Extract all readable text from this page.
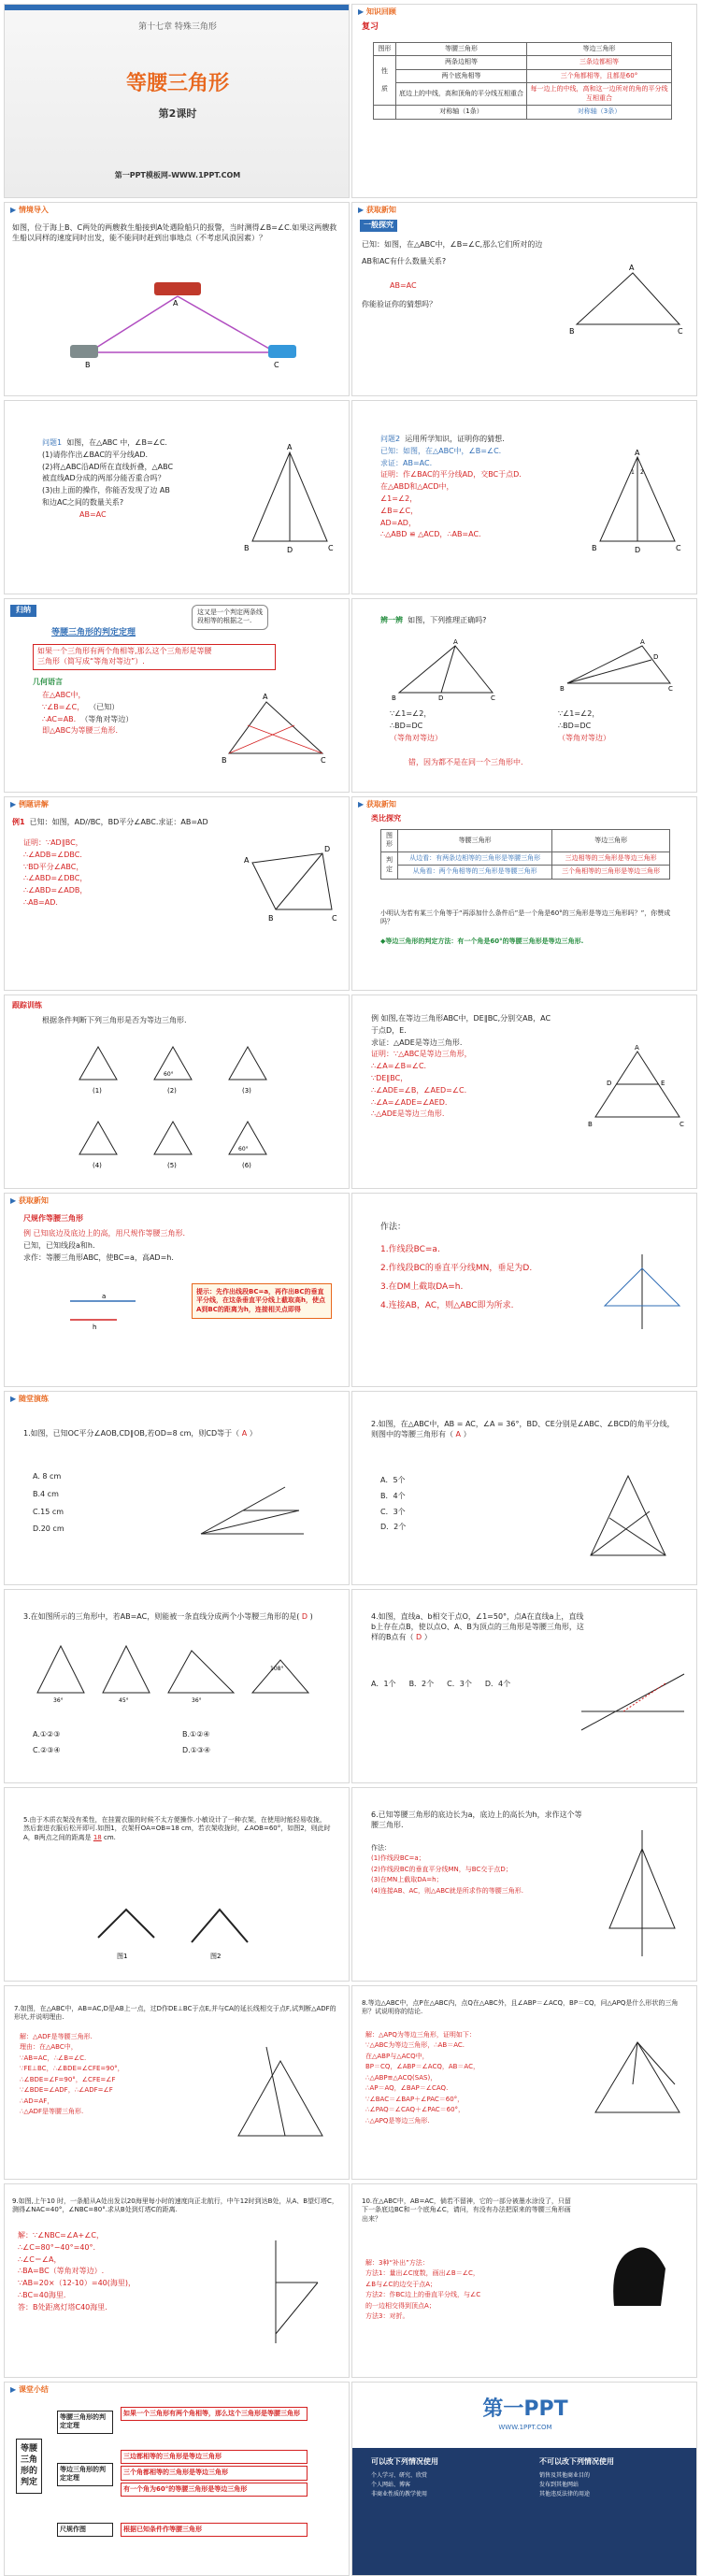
第十七章 特殊三角形
等腰三角形
第2课时
第一PPT模板网-WWW.1PPT.COM
▶ 知识回顾
复习
图形	等腰三角形	等边三角形
性

质	两条边相等	三条边都相等
	两个底角相等	三个角都相等，且都是60°
	底边上的中线，高和顶角的平分线互相重合	每一边上的中线，高和这一边所对的角的平分线互相重合
	对称轴（1条）	对称轴（3条）
▶ 情境导入
如图，位于海上B、C两处的两艘救生船接到A处遇险船只的报警，当时测得∠B=∠C.如果这两艘救生船以同样的速度同时出发，能不能同时赶到出事地点（不考虑风浪因素）？
A
B	C
▶ 获取新知
一般探究
已知：如图，在△ABC中，∠B=∠C,那么它们所对的边
AB和AC有什么数量关系?
AB=AC
你能验证你的猜想吗？
A
B	C

问题1 如图，在△ABC 中，∠B=∠C.

(1)请你作出∠BAC的平分线AD.

(2)将△ABC沿AD所在直线折叠，△ABC

被直线AD分成的两部分能否重合吗？

(3)由上面的操作，你能否发现了边 AB

和边AC之间的数量关系?

AB=AC

A
B	D	C

问题2 运用所学知识，证明你的猜想.

已知：如图，在△ABC中，∠B=∠C.

求证：AB=AC.

证明：作∠BAC的平分线AD，交BC于点D.

在△ABD和△ACD中，

∠1=∠2，

∠B=∠C，

AD=AD，

∴△ABD ≌ △ACD，∴AB=AC.

A
1 2
B	D	C
归纳	这又是一个判定两条线
段相等的根据之一.
等腰三角形的判定定理
如果一个三角形有两个角相等,那么这个三角形是等腰
三角形（简写成“等角对等边”）.
几何语言

在△ABC中，

∵∠B=∠C， （已知）

∴AC=AB. （等角对等边）

即△ABC为等腰三角形.

A
B	C
辨一辨 如图，下列推理正确吗?
A
B	D	C
A
B
D
C

∵∠1=∠2，

∴BD=DC

（等角对等边）

∵∠1=∠2，

∴BD=DC

（等角对等边）

错，因为都不是在同一个三角形中.
▶ 例题讲解
例1 已知：如图，AD//BC，BD平分∠ABC.求证：AB=AD

证明：∵AD∥BC，

∴∠ADB=∠DBC.

∵BD平分∠ABC，

∴∠ABD=∠DBC，

∴∠ABD=∠ADB，

∴AB=AD.

A
D
B	C
▶ 获取新知
类比探究
图形	等腰三角形	等边三角形
判
定	从边看：有两条边相等的三角形是等腰三角形	三边相等的三角形是等边三角形
	从角看：两个角相等的三角形是等腰三角形	三个角相等的三角形是等边三角形
小明认为若有某三个角等于“再添加什么条件后”是一个角是60°的三角形是等边三角形吗？”，你赞成吗？
◆等边三角形的判定方法：有一个角是60°的等腰三角形是等边三角形.
跟踪训练
根据条件判断下列三角形是否为等边三角形.
(1)	(2)	(3)
(4)	(5)	(6)
60°
60°

例 如图,在等边三角形ABC中，DE∥BC,分别交AB，AC

于点D，E.

求证：△ADE是等边三角形.

证明：∵△ABC是等边三角形，

∴∠A=∠B=∠C.

∵DE∥BC，

∴∠ADE=∠B，∠AED=∠C.

∴∠A=∠ADE=∠AED.

∴△ADE是等边三角形.

A
D	E
B	C
▶ 获取新知
尺规作等腰三角形

例 已知底边及底边上的高，用尺规作等腰三角形.

已知，已知线段a和h.

求作：等腰三角形ABC，使BC=a，高AD=h.

a
h
提示：先作出线段BC=a，再作出BC的垂直平分线，在这条垂直平分线上截取高h，使点A到BC的距离为h，连接相关点即得
作法：

1.作线段BC=a.

2.作线段BC的垂直平分线MN，垂足为D.

3.在DM上截取DA=h.

4.连接AB，AC，则△ABC即为所求.

▶ 随堂演练
1.如图，已知OC平分∠AOB,CD∥OB,若OD=8 cm，则CD等于（ A ）

A. 8 cm

B.4 cm

C.15 cm

D.20 cm

2.如图，在△ABC中，AB = AC，∠A = 36°，BD、CE分别是∠ABC、∠BCD的角平分线，则图中的等腰三角形有（ A ）

A．5个

B．4个

C．3个

D．2个

3.在如图所示的三角形中，若AB=AC，则能被一条直线分成两个小等腰三角形的是( D )
36°	45°	36°
108°
A.①②③	B.①②④
C.②③④	D.①③④
4.如图，直线a、b相交于点O，∠1=50°，点A在直线a上，直线b上存在点B，使以点O、A、B为顶点的三角形是等腰三角形，这样的B点有（ D ）
A．1个 B．2个 C．3个 D．4个
5.由于木质衣架没有柔性，在挂置衣服的时候不太方便操作.小敏设计了一种衣架，在使用时能轻易收拢，然后套进衣服后松开即可.如图1，衣架杆OA=OB=18 cm，若衣架收拢时，∠AOB=60°，如图2，则此时A，B两点之间的距离是 18 cm.
图1	图2
6.已知等腰三角形的底边长为a，底边上的高长为h，求作这个等腰三角形.

作法：

(1)作线段BC=a；

(2)作线段BC的垂直平分线MN，与BC交于点D；

(3)在MN上截取DA=h；

(4)连接AB、AC，则△ABC就是所求作的等腰三角形.

7.如图，在△ABC中，AB=AC,D是AB上一点，过D作DE⊥BC于点E,并与CA的延长线相交于点F,试判断△ADF的形状,并说明理由.

解：△ADF是等腰三角形.

理由：在△ABC中，

∵AB=AC，∴∠B=∠C.

∵FE⊥BC，∴∠BDE=∠CFE=90°，

∴∠BDE=∠F=90°，∠CFE=∠F

∵∠BDE=∠ADF，∴∠ADF=∠F

∴AD=AF，

∴△ADF是等腰三角形.

8.等边△ABC中，点P在△ABC内，点Q在△ABC外，且∠ABP＝∠ACQ，BP＝CQ，问△APQ是什么形状的三角形？试说明你的结论.

解：△APQ为等边三角形，证明如下：

∵△ABC为等边三角形，∴AB＝AC.

在△ABP与△ACQ中，

BP＝CQ，∠ABP＝∠ACQ，AB＝AC，

∴△ABP≌△ACQ(SAS)，

∴AP＝AQ，∠BAP＝∠CAQ.

∵∠BAC＝∠BAP＋∠PAC＝60°，

∴∠PAQ＝∠CAQ＋∠PAC＝60°，

∴△APQ是等边三角形.

9.如图,上午10 时，一条船从A处出发以20海里每小时的速度向正北航行，中午12时到达B处，从A、B望灯塔C，测得∠NAC=40°，∠NBC=80°.求从B处到灯塔C的距离.

解：∵∠NBC=∠A+∠C，

∴∠C=80°−40°=40°.

∴∠C＝∠A，

∴BA=BC（等角对等边）.

∵AB=20×（12-10）=40(海里)，

∴BC=40海里.

答：B处距离灯塔C40海里.

10.在△ABC中，AB=AC，倘若不留神，它的一部分被墨水涂没了，只留下一条底边BC和一个底角∠C，请问，有没有办法把原来的等腰三角形画出来？

解：3种“补出”方法：

方法1：量出∠C度数，画出∠B＝∠C，

∠B与∠C的边交于点A；

方法2：作BC边上的垂直平分线，与∠C

的一边相交得到顶点A；

方法3：对折。

▶ 课堂小结
等腰三角形的判定
等腰三角形的判定定理
如果一个三角形有两个角相等，那么这个三角形是等腰三角形
等边三角形的判定定理
三边都相等的三角形是等边三角形
三个角都相等的三角形是等边三角形
有一个角为60°的等腰三角形是等边三角形
尺规作图	根据已知条件作等腰三角形
第一PPT
WWW.1PPT.COM
可以改下列情况使用	不可以改下列情况使用

个人学习、研究、欣赏

个人网站、博客

非商业性质的教学使用

销售及其他商业目的

发布到其他网站

其他违反法律的用途
